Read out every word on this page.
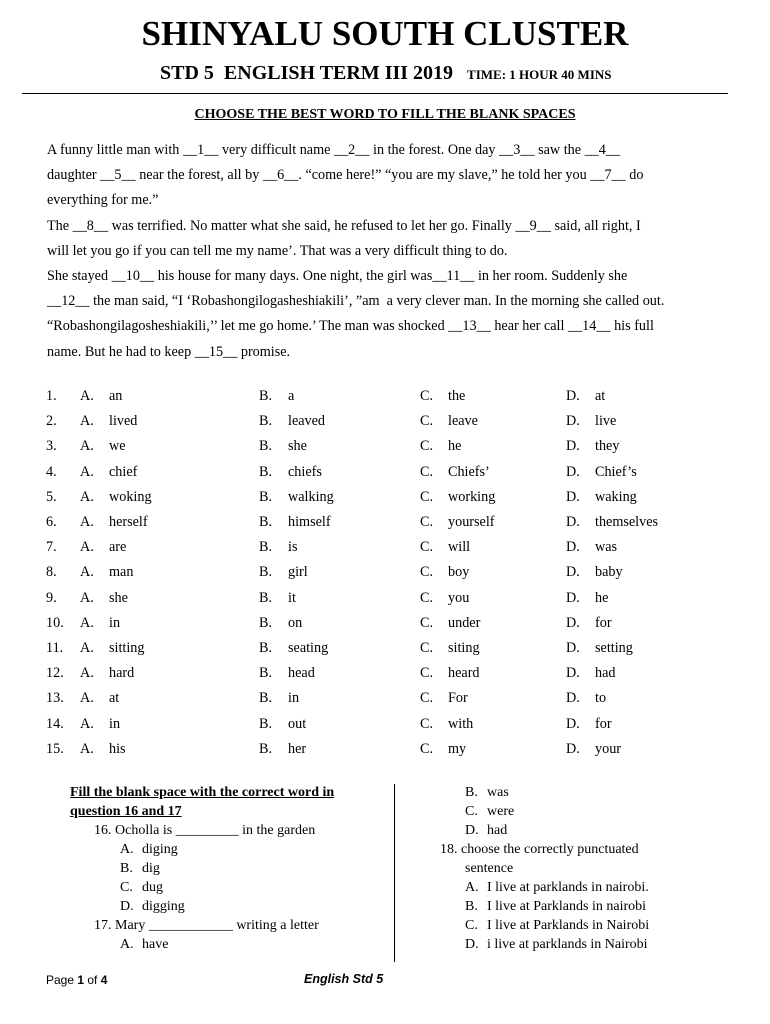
SHINYALU SOUTH CLUSTER
STD 5  ENGLISH TERM III 2019 TIME: 1 HOUR 40 MINS
CHOOSE THE BEST WORD TO FILL THE BLANK SPACES

A funny little man with __1__ very difficult name __2__ in the forest. One day __3__ saw the __4__

daughter __5__ near the forest, all by __6__. “come here!” “you are my slave,” he told her you __7__ do

everything for me.”

The __8__ was terrified. No matter what she said, he refused to let her go. Finally __9__ said, all right, I

will let you go if you can tell me my name’. That was a very difficult thing to do.

She stayed __10__ his house for many days. One night, the girl was__11__ in her room. Suddenly she

__12__ the man said, “I ‘Robashongilogasheshiakili’, ”am  a very clever man. In the morning she called out.

“Robashongilagosheshiakili,’’ let me go home.’ The man was shocked __13__ hear her call __14__ his full

name. But he had to keep __15__ promise.

1.	A.	an	B.	a	C.	the	D.	at
2.	A.	lived	B.	leaved	C.	leave	D.	live
3.	A.	we	B.	she	C.	he	D.	they
4.	A.	chief	B.	chiefs	C.	Chiefs’	D.	Chief’s
5.	A.	woking	B.	walking	C.	working	D.	waking
6.	A.	herself	B.	himself	C.	yourself	D.	themselves
7.	A.	are	B.	is	C.	will	D.	was
8.	A.	man	B.	girl	C.	boy	D.	baby
9.	A.	she	B.	it	C.	you	D.	he
10.	A.	in	B.	on	C.	under	D.	for
11.	A.	sitting	B.	seating	C.	siting	D.	setting
12.	A.	hard	B.	head	C.	heard	D.	had
13.	A.	at	B.	in	C.	For	D.	to
14.	A.	in	B.	out	C.	with	D.	for
15.	A.	his	B.	her	C.	my	D.	your
Fill the blank space with the correct word in
question 16 and 17
16. Ocholla is _________ in the garden
A. diging
B. dig
C. dug
D. digging
17. Mary ____________ writing a letter
A. have
B. was
C. were
D. had
18. choose the correctly punctuated
sentence
A. I live at parklands in nairobi.
B. I live at Parklands in nairobi
C. I live at Parklands in Nairobi
D. i live at parklands in Nairobi
Page 1 of 4	English Std 5
